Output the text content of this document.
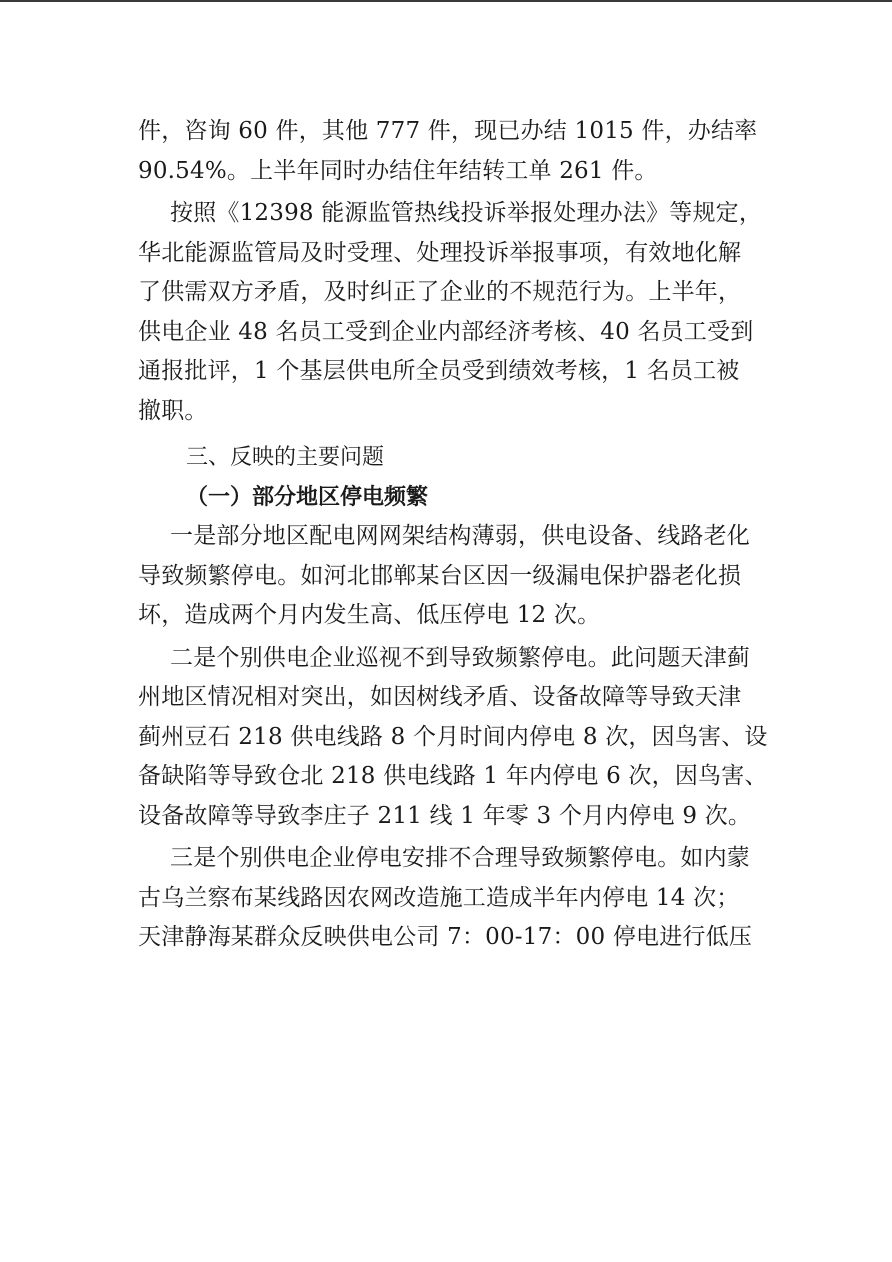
件，咨询 60 件，其他 777 件，现已办结 1015 件，办结率
90.54%。上半年同时办结住年结转工单 261 件。
按照《12398 能源监管热线投诉举报处理办法》等规定，
华北能源监管局及时受理、处理投诉举报事项，有效地化解
了供需双方矛盾，及时纠正了企业的不规范行为。上半年，
供电企业 48 名员工受到企业内部经济考核、40 名员工受到
通报批评，1 个基层供电所全员受到绩效考核，1 名员工被
撤职。
三、反映的主要问题
（一）部分地区停电频繁
一是部分地区配电网网架结构薄弱，供电设备、线路老化
导致频繁停电。如河北邯郸某台区因一级漏电保护器老化损
坏，造成两个月内发生高、低压停电 12 次。
二是个别供电企业巡视不到导致频繁停电。此问题天津蓟
州地区情况相对突出，如因树线矛盾、设备故障等导致天津
蓟州豆石 218 供电线路 8 个月时间内停电 8 次，因鸟害、设
备缺陷等导致仓北 218 供电线路 1 年内停电 6 次，因鸟害、
设备故障等导致李庄子 211 线 1 年零 3 个月内停电 9 次。
三是个别供电企业停电安排不合理导致频繁停电。如内蒙
古乌兰察布某线路因农网改造施工造成半年内停电 14 次；
天津静海某群众反映供电公司 7：00-17：00 停电进行低压
